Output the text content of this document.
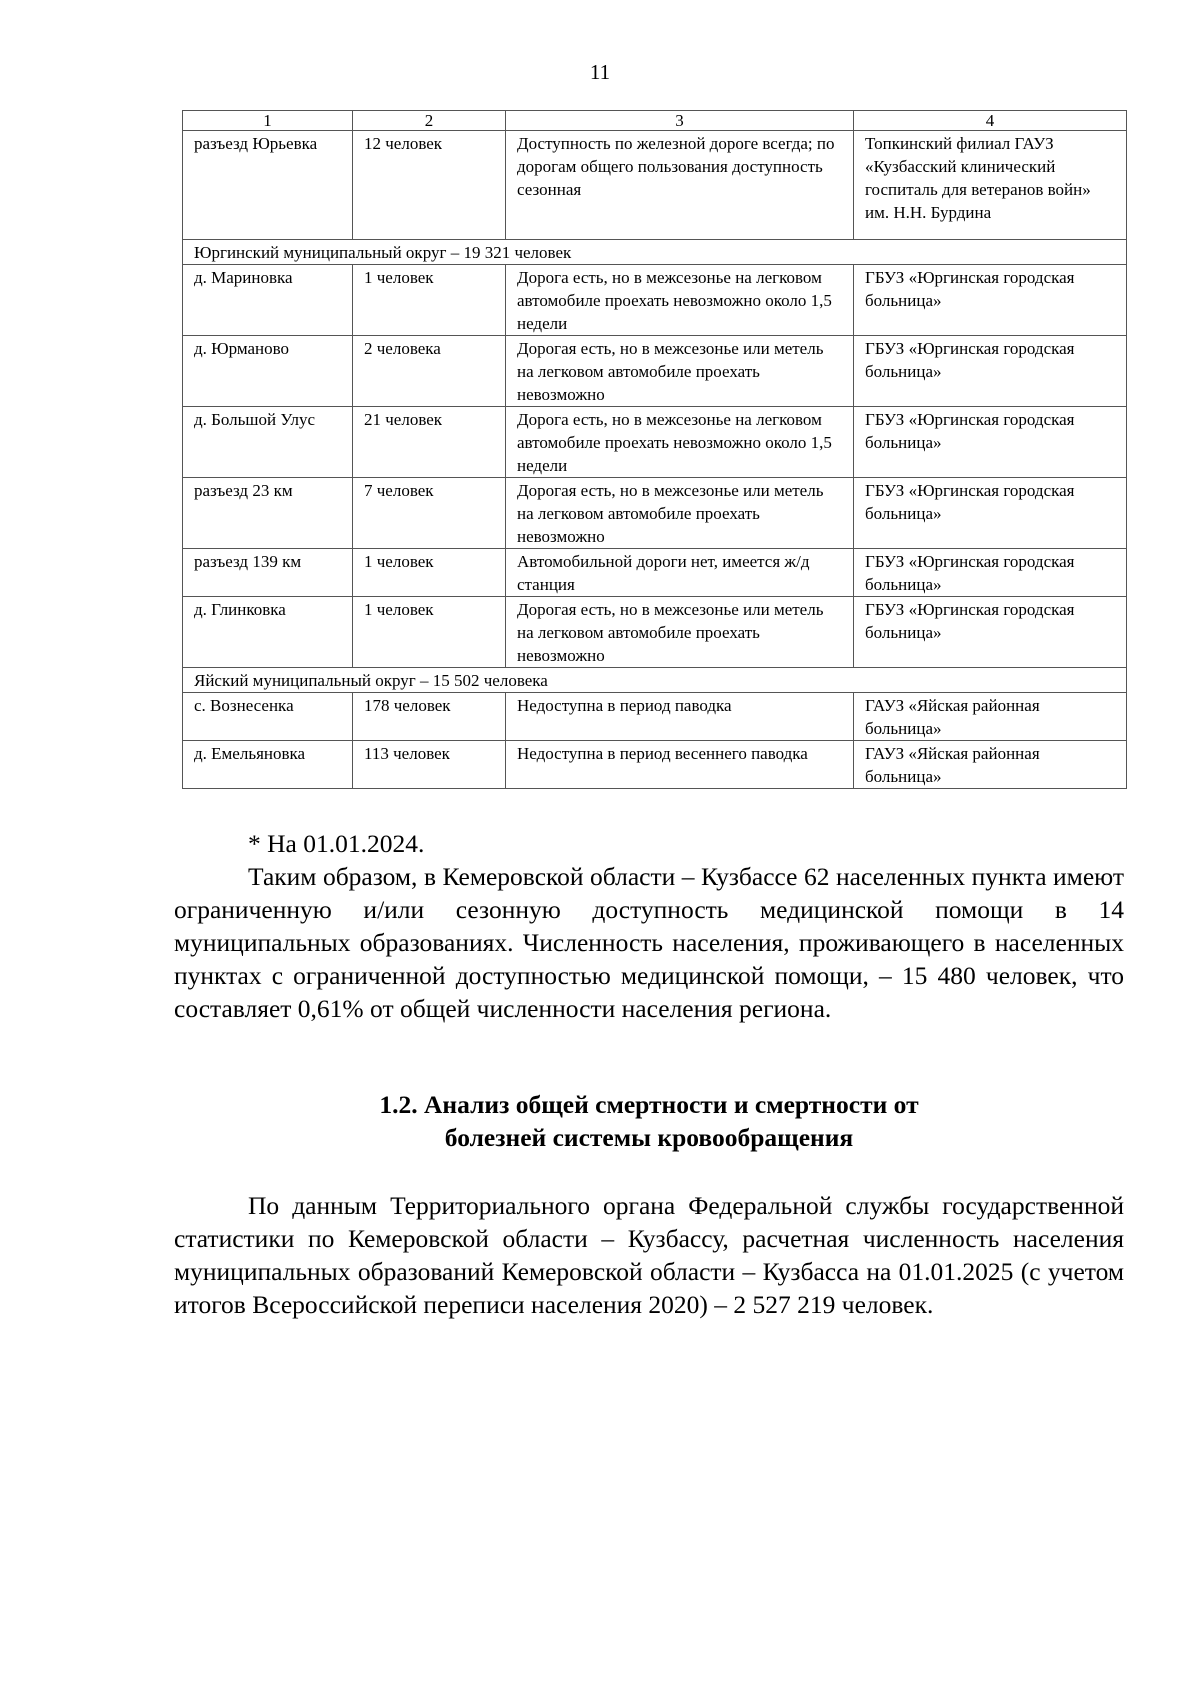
11
1	2	3	4
разъезд Юрьевка	12 человек	Доступность по железной дороге всегда; по дорогам общего пользования доступность сезонная	Топкинский филиал ГАУЗ «Кузбасский клинический госпиталь для ветеранов войн» им. Н.Н. Бурдина
Юргинский муниципальный округ – 19 321 человек			
д. Мариновка	1 человек	Дорога есть, но в межсезонье на легковом автомобиле проехать невозможно около 1,5 недели	ГБУЗ «Юргинская городская больница»
д. Юрманово	2 человека	Дорогая есть, но в межсезонье или метель на легковом автомобиле проехать невозможно	ГБУЗ «Юргинская городская больница»
д. Большой Улус	21 человек	Дорога есть, но в межсезонье на легковом автомобиле проехать невозможно около 1,5 недели	ГБУЗ «Юргинская городская больница»
разъезд 23 км	7 человек	Дорогая есть, но в межсезонье или метель на легковом автомобиле проехать невозможно	ГБУЗ «Юргинская городская больница»
разъезд 139 км	1 человек	Автомобильной дороги нет, имеется ж/д станция	ГБУЗ «Юргинская городская больница»
д. Глинковка	1 человек	Дорогая есть, но в межсезонье или метель на легковом автомобиле проехать невозможно	ГБУЗ «Юргинская городская больница»
Яйский муниципальный округ – 15 502 человека			
с. Вознесенка	178 человек	Недоступна в период паводка	ГАУЗ «Яйская районная больница»
д. Емельяновка	113 человек	Недоступна в период весеннего паводка	ГАУЗ «Яйская районная больница»
* На 01.01.2024.
Таким образом, в Кемеровской области – Кузбассе 62 населенных пункта имеют ограниченную и/или сезонную доступность медицинской помощи в 14 муниципальных образованиях. Численность населения, проживающего в населенных пунктах с ограниченной доступностью медицинской помощи, – 15 480 человек, что составляет 0,61% от общей численности населения региона.
1.2. Анализ общей смертности и смертности от
болезней системы кровообращения
По данным Территориального органа Федеральной службы государственной статистики по Кемеровской области – Кузбассу, расчетная численность населения муниципальных образований Кемеровской области – Кузбасса на 01.01.2025 (с учетом итогов Всероссийской переписи населения 2020) – 2 527 219 человек.
